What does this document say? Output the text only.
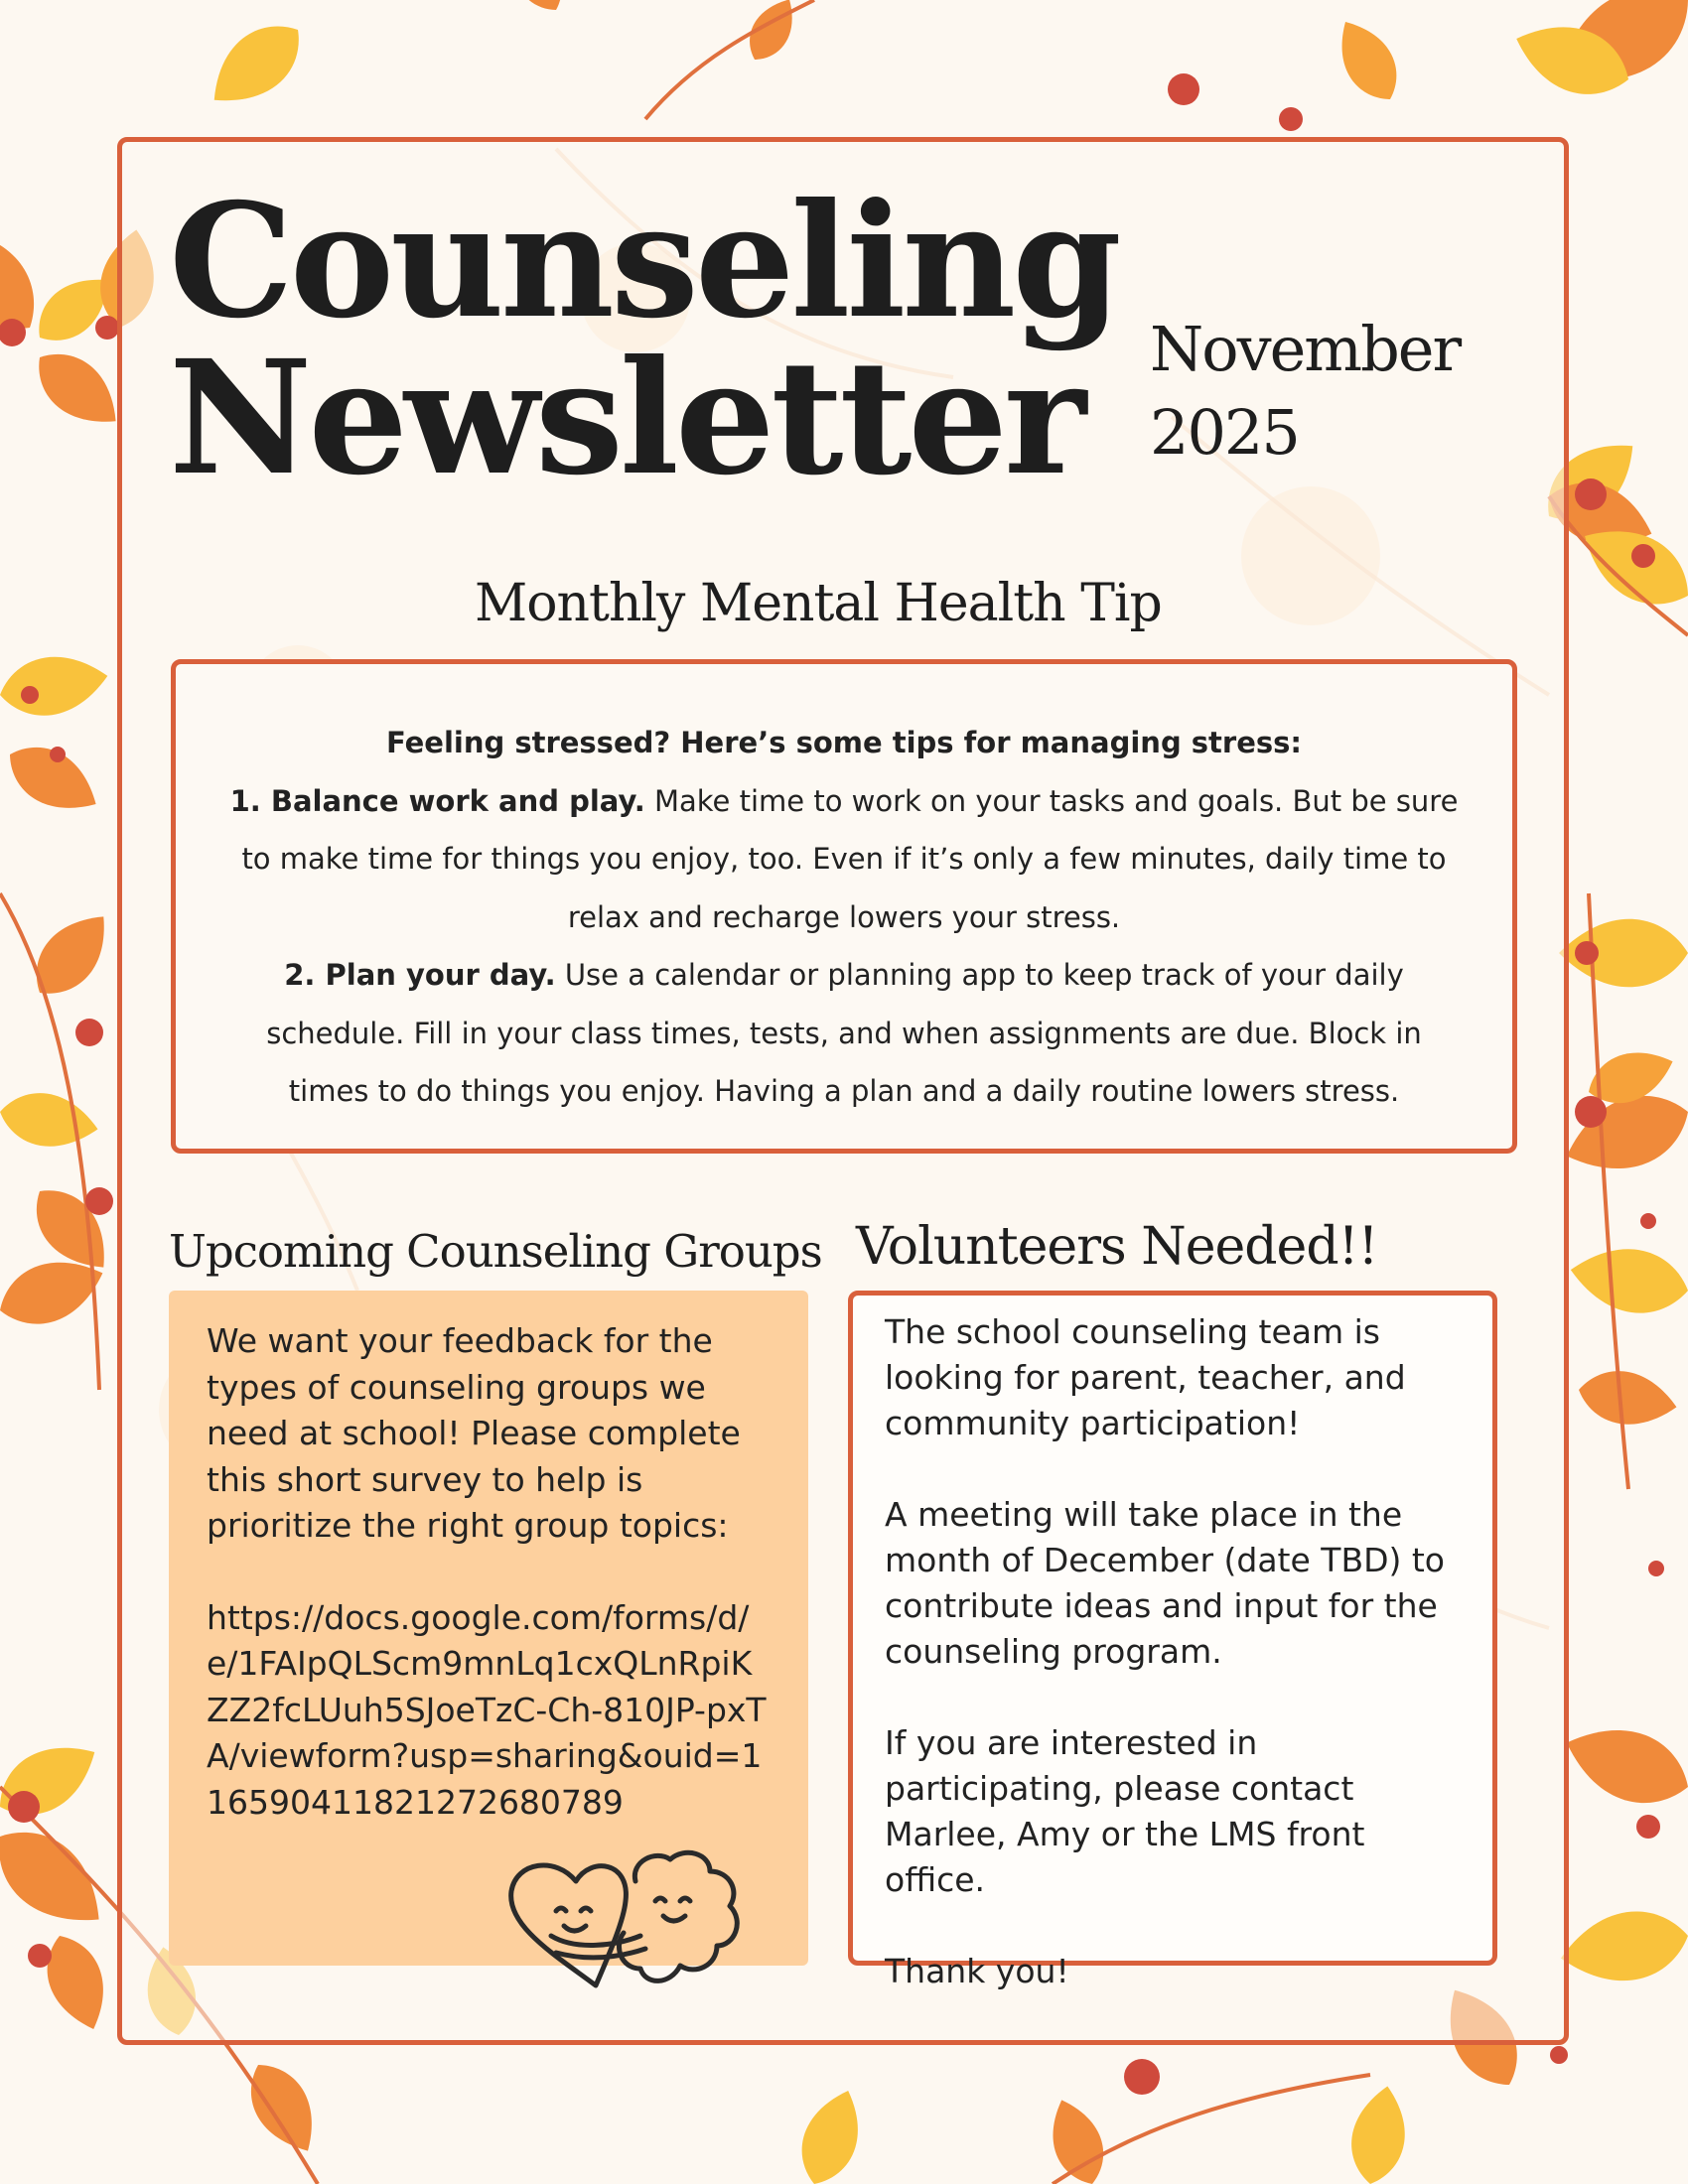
Counseling
Newsletter	November
2025
Monthly Mental Health Tip
Feeling stressed? Here’s some tips for managing stress:
1. Balance work and play. Make time to work on your tasks and goals. But be sure to make time for things you enjoy, too. Even if it’s only a few minutes, daily time to relax and recharge lowers your stress.
2. Plan your day. Use a calendar or planning app to keep track of your daily schedule. Fill in your class times, tests, and when assignments are due. Block in times to do things you enjoy. Having a plan and a daily routine lowers stress.
Upcoming Counseling Groups Volunteers Needed!!

We want your feedback for the types of counseling groups we need at school! Please complete this short survey to help is prioritize the right group topics:

https://docs.google.com/forms/d/e/1FAIpQLScm9mnLq1cxQLnRpiKZZ2fcLUuh5SJoeTzC-Ch-810JP-pxTA/viewform?usp=sharing&ouid=116590411821272680789

The school counseling team is looking for parent, teacher, and community participation!

A meeting will take place in the month of December (date TBD) to contribute ideas and input for the counseling program.

If you are interested in participating, please contact Marlee, Amy or the LMS front office.

Thank you!
